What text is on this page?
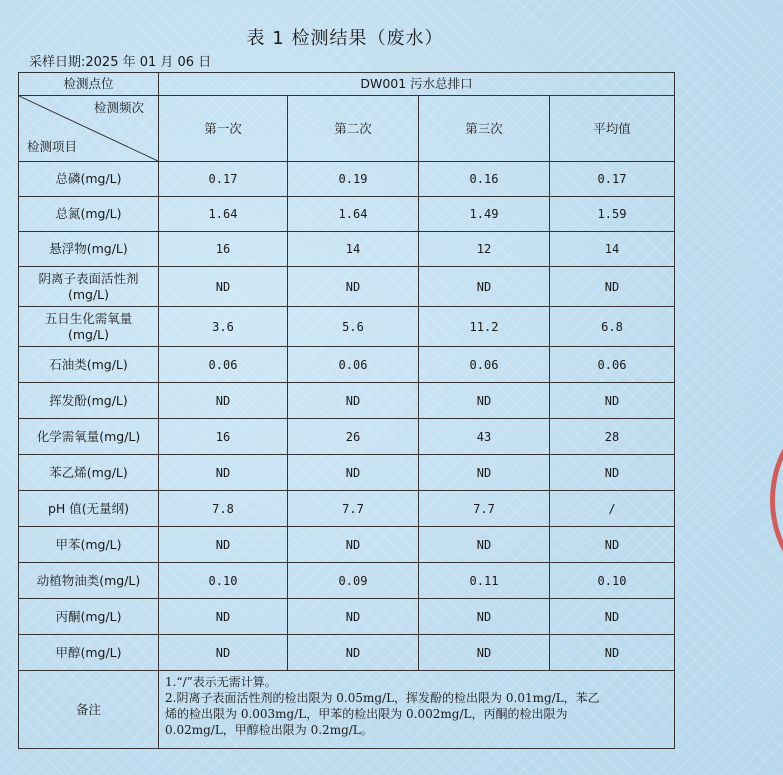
表 1 检测结果（废水）
采样日期:2025 年 01 月 06 日
检测点位	DW001 污水总排口			

检测频次
检测项目	第一次	第二次	第三次	平均值
总磷(mg/L)	0.17	0.19	0.16	0.17
总氮(mg/L)	1.64	1.64	1.49	1.59
悬浮物(mg/L)	16	14	12	14
阴离子表面活性剂
(mg/L)	ND	ND	ND	ND
五日生化需氧量
(mg/L)	3.6	5.6	11.2	6.8
石油类(mg/L)	0.06	0.06	0.06	0.06
挥发酚(mg/L)	ND	ND	ND	ND
化学需氧量(mg/L)	16	26	43	28
苯乙烯(mg/L)	ND	ND	ND	ND
pH 值(无量纲)	7.8	7.7	7.7	/
甲苯(mg/L)	ND	ND	ND	ND
动植物油类(mg/L)	0.10	0.09	0.11	0.10
丙酮(mg/L)	ND	ND	ND	ND
甲醇(mg/L)	ND	ND	ND	ND
备注	1.“/”表示无需计算。
2.阴离子表面活性剂的检出限为 0.05mg/L，挥发酚的检出限为 0.01mg/L，苯乙
烯的检出限为 0.003mg/L，甲苯的检出限为 0.002mg/L，丙酮的检出限为
0.02mg/L，甲醇检出限为 0.2mg/L。			
